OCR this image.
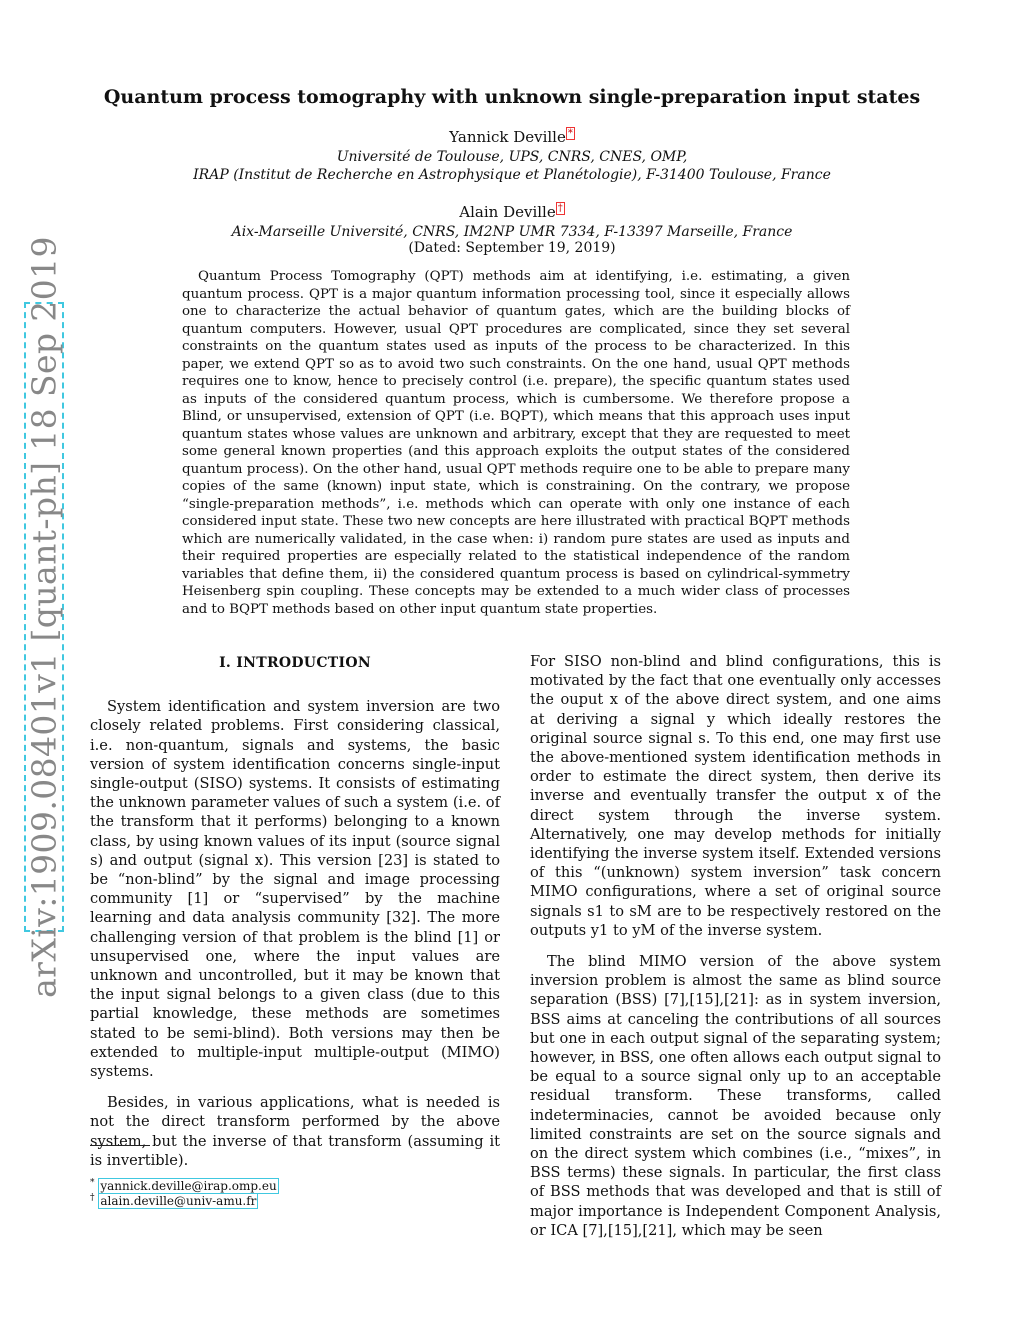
arXiv:1909.08401v1 [quant-ph] 18 Sep 2019
Quantum process tomography with unknown single-preparation input states
Yannick Deville *
Université de Toulouse, UPS, CNRS, CNES, OMP,
IRAP (Institut de Recherche en Astrophysique et Planétologie), F-31400 Toulouse, France
Alain Deville †
Aix-Marseille Université, CNRS, IM2NP UMR 7334, F-13397 Marseille, France
(Dated: September 19, 2019)
Quantum Process Tomography (QPT) methods aim at identifying, i.e. estimating, a given quantum process. QPT is a major quantum information processing tool, since it especially allows one to characterize the actual behavior of quantum gates, which are the building blocks of quantum computers. However, usual QPT procedures are complicated, since they set several constraints on the quantum states used as inputs of the process to be characterized. In this paper, we extend QPT so as to avoid two such constraints. On the one hand, usual QPT methods requires one to know, hence to precisely control (i.e. prepare), the specific quantum states used as inputs of the considered quantum process, which is cumbersome. We therefore propose a Blind, or unsupervised, extension of QPT (i.e. BQPT), which means that this approach uses input quantum states whose values are unknown and arbitrary, except that they are requested to meet some general known properties (and this approach exploits the output states of the considered quantum process). On the other hand, usual QPT methods require one to be able to prepare many copies of the same (known) input state, which is constraining. On the contrary, we propose “single-preparation methods”, i.e. methods which can operate with only one instance of each considered input state. These two new concepts are here illustrated with practical BQPT methods which are numerically validated, in the case when: i) random pure states are used as inputs and their required properties are especially related to the statistical independence of the random variables that define them, ii) the considered quantum process is based on cylindrical-symmetry Heisenberg spin coupling. These concepts may be extended to a much wider class of processes and to BQPT methods based on other input quantum state properties.
I. INTRODUCTION

System identification and system inversion are two closely related problems. First considering classical, i.e. non-quantum, signals and systems, the basic version of system identification concerns single-input single-output (SISO) systems. It consists of estimating the unknown parameter values of such a system (i.e. of the transform that it performs) belonging to a known class, by using known values of its input (source signal s) and output (signal x). This version [23] is stated to be “non-blind” by the signal and image processing community [1] or “supervised” by the machine learning and data analysis community [32]. The more challenging version of that problem is the blind [1] or unsupervised one, where the input values are unknown and uncontrolled, but it may be known that the input signal belongs to a given class (due to this partial knowledge, these methods are sometimes stated to be semi-blind). Both versions may then be extended to multiple-input multiple-output (MIMO) systems.

Besides, in various applications, what is needed is not the direct transform performed by the above system, but the inverse of that transform (assuming it is invertible).

For SISO non-blind and blind configurations, this is motivated by the fact that one eventually only accesses the ouput x of the above direct system, and one aims at deriving a signal y which ideally restores the original source signal s. To this end, one may first use the above-mentioned system identification methods in order to estimate the direct system, then derive its inverse and eventually transfer the output x of the direct system through the inverse system. Alternatively, one may develop methods for initially identifying the inverse system itself. Extended versions of this “(unknown) system inversion” task concern MIMO configurations, where a set of original source signals s1 to sM are to be respectively restored on the outputs y1 to yM of the inverse system.

The blind MIMO version of the above system inversion problem is almost the same as blind source separation (BSS) [7],[15],[21]: as in system inversion, BSS aims at canceling the contributions of all sources but one in each output signal of the separating system; however, in BSS, one often allows each output signal to be equal to a source signal only up to an acceptable residual transform. These transforms, called indeterminacies, cannot be avoided because only limited constraints are set on the source signals and on the direct system which combines (i.e., “mixes”, in BSS terms) these signals. In particular, the first class of BSS methods that was developed and that is still of major importance is Independent Component Analysis, or ICA [7],[15],[21], which may be seen

* yannick.deville@irap.omp.eu
† alain.deville@univ-amu.fr
